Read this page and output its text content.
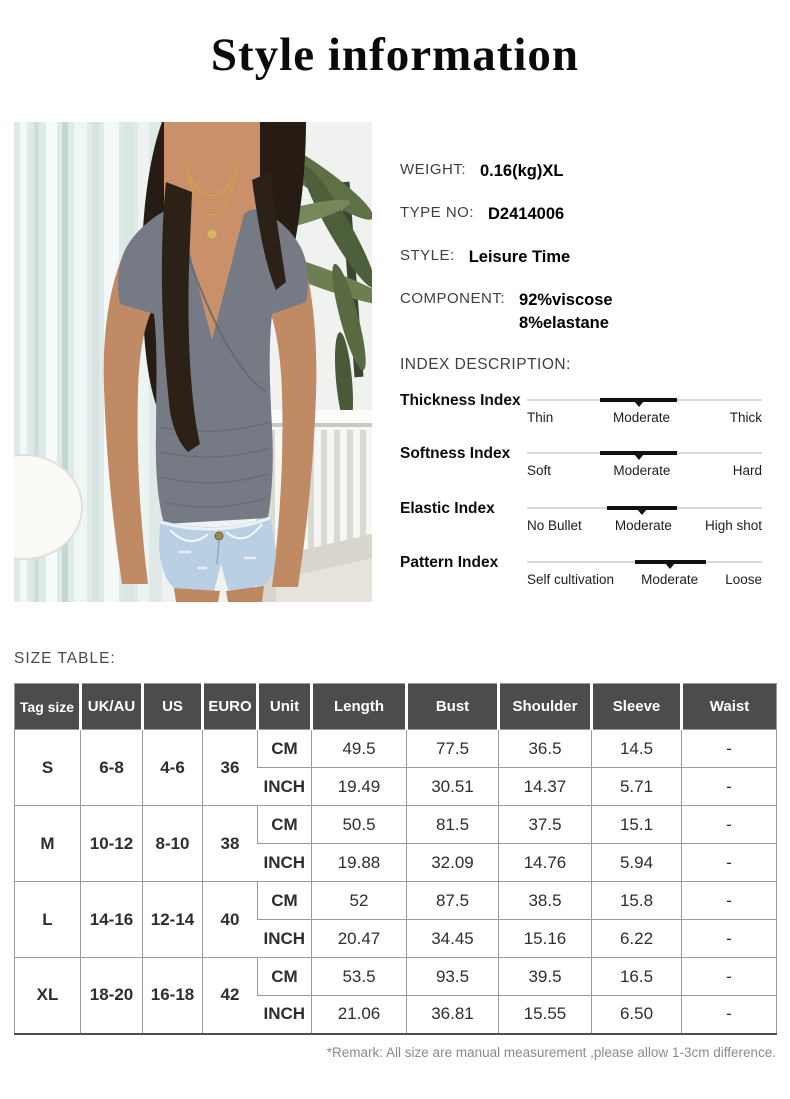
Style information
WEIGHT: 0.16(kg)XL
TYPE NO: D2414006
STYLE: Leisure Time
COMPONENT: 92%viscose
8%elastane
INDEX DESCRIPTION:
Thickness Index
Thin	Moderate	Thick
Softness Index
Soft	Moderate	Hard
Elastic Index
No Bullet Moderate High shot
Pattern Index
Self cultivation Moderate Loose
SIZE TABLE:
Tag size	UK/AU	US	EURO	Unit	Length	Bust	Shoulder	Sleeve	Waist
S	6-8	4-6	36	CM	49.5	77.5	36.5	14.5	-
				INCH	19.49	30.51	14.37	5.71	-
M	10-12	8-10	38	CM	50.5	81.5	37.5	15.1	-
				INCH	19.88	32.09	14.76	5.94	-
L	14-16	12-14	40	CM	52	87.5	38.5	15.8	-
				INCH	20.47	34.45	15.16	6.22	-
XL	18-20	16-18	42	CM	53.5	93.5	39.5	16.5	-
				INCH	21.06	36.81	15.55	6.50	-
*Remark: All size are manual measurement ,please allow 1-3cm difference.
